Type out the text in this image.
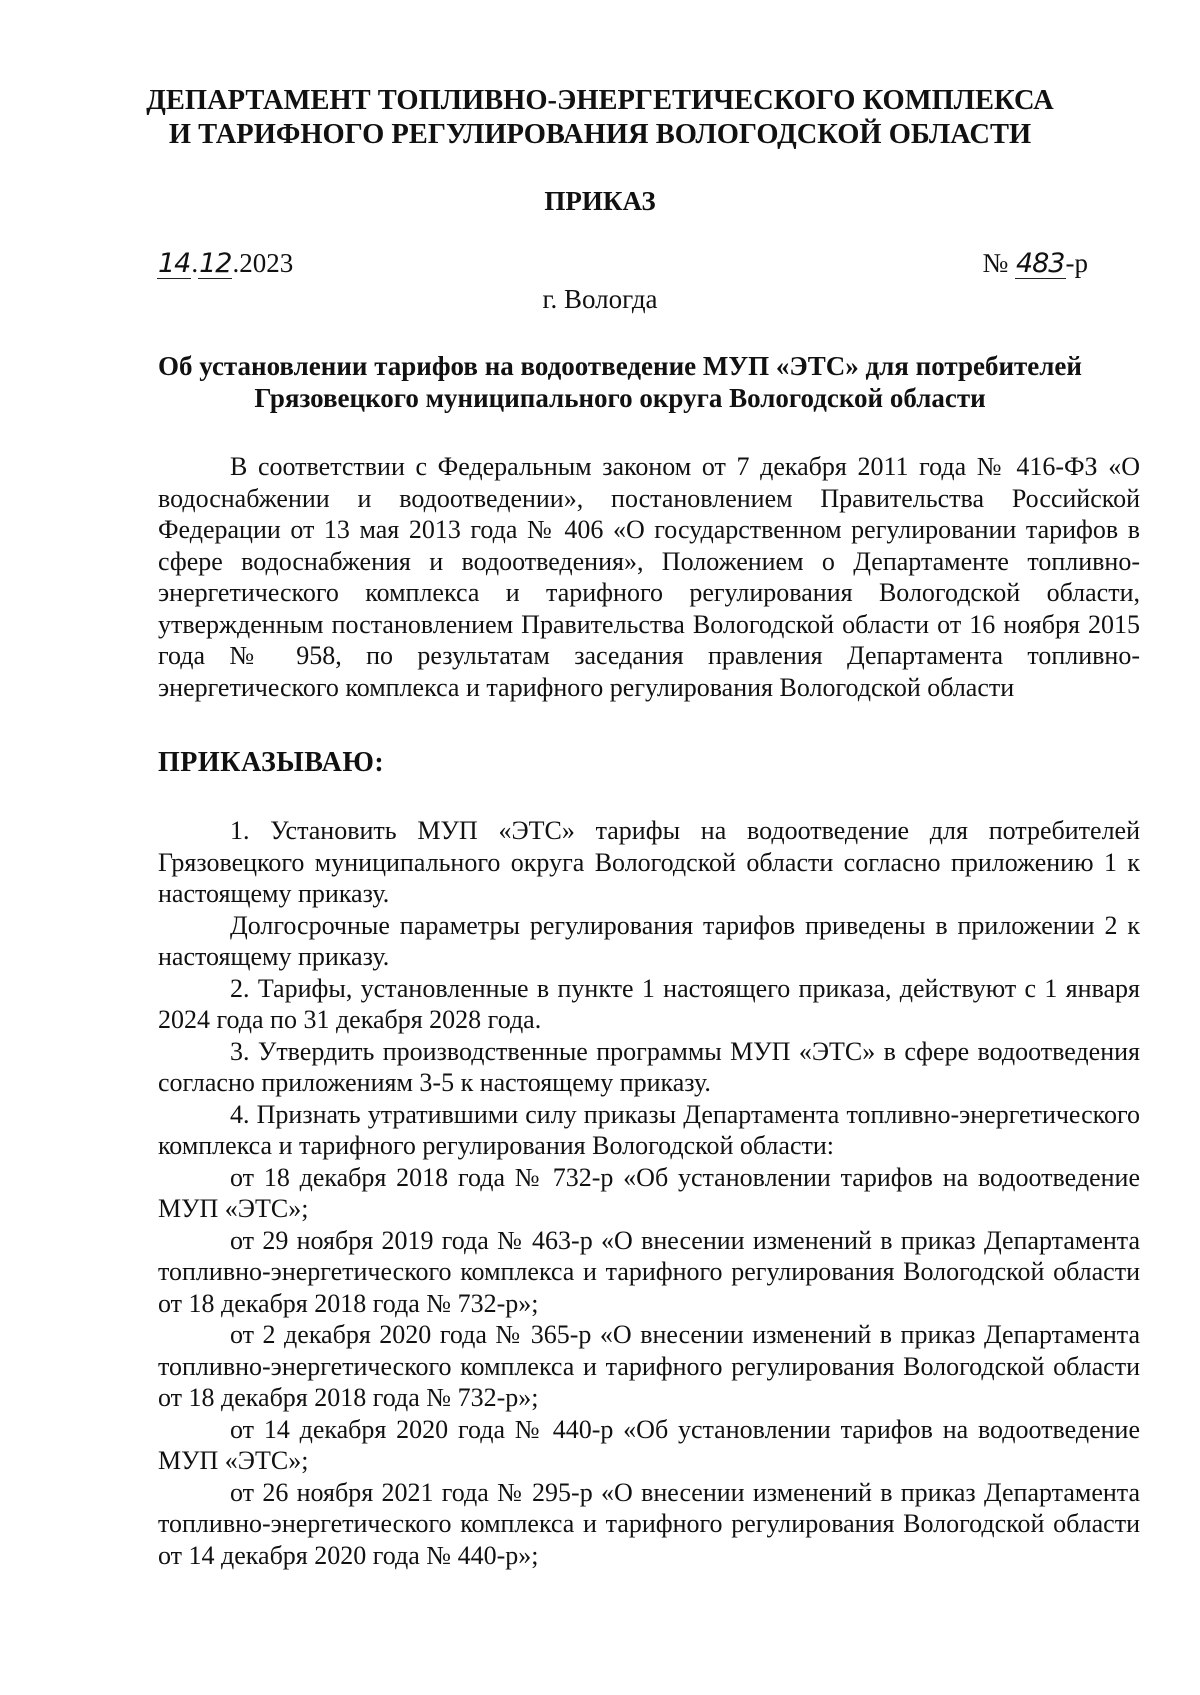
ДЕПАРТАМЕНТ ТОПЛИВНО-ЭНЕРГЕТИЧЕСКОГО КОМПЛЕКСА
И ТАРИФНОГО РЕГУЛИРОВАНИЯ ВОЛОГОДСКОЙ ОБЛАСТИ
ПРИКАЗ
14.12.2023	№ 483-р
г. Вологда
Об установлении тарифов на водоотведение МУП «ЭТС» для потребителей
Грязовецкого муниципального округа Вологодской области

В соответствии с Федеральным законом от 7 декабря 2011 года № 416-ФЗ «О водоснабжении и водоотведении», постановлением Правительства Российской Федерации от 13 мая 2013 года № 406 «О государственном регулировании тарифов в сфере водоснабжения и водоотведения», Положением о Департаменте топливно-энергетического комплекса и тарифного регулирования Вологодской области, утвержденным постановлением Правительства Вологодской области от 16 ноября 2015 года № 958, по результатам заседания правления Департамента топливно-энергетического комплекса и тарифного регулирования Вологодской области

ПРИКАЗЫВАЮ:

1. Установить МУП «ЭТС» тарифы на водоотведение для потребителей Грязовецкого муниципального округа Вологодской области согласно приложению 1 к настоящему приказу.

Долгосрочные параметры регулирования тарифов приведены в приложении 2 к настоящему приказу.

2. Тарифы, установленные в пункте 1 настоящего приказа, действуют с 1 января 2024 года по 31 декабря 2028 года.

3. Утвердить производственные программы МУП «ЭТС» в сфере водоотведения согласно приложениям 3-5 к настоящему приказу.

4. Признать утратившими силу приказы Департамента топливно-энергетического комплекса и тарифного регулирования Вологодской области:

от 18 декабря 2018 года № 732-р «Об установлении тарифов на водоотведение МУП «ЭТС»;

от 29 ноября 2019 года № 463-р «О внесении изменений в приказ Департамента топливно-энергетического комплекса и тарифного регулирования Вологодской области от 18 декабря 2018 года № 732-р»;

от 2 декабря 2020 года № 365-р «О внесении изменений в приказ Департамента топливно-энергетического комплекса и тарифного регулирования Вологодской области от 18 декабря 2018 года № 732-р»;

от 14 декабря 2020 года № 440-р «Об установлении тарифов на водоотведение МУП «ЭТС»;

от 26 ноября 2021 года № 295-р «О внесении изменений в приказ Департамента топливно-энергетического комплекса и тарифного регулирования Вологодской области от 14 декабря 2020 года № 440-р»;
